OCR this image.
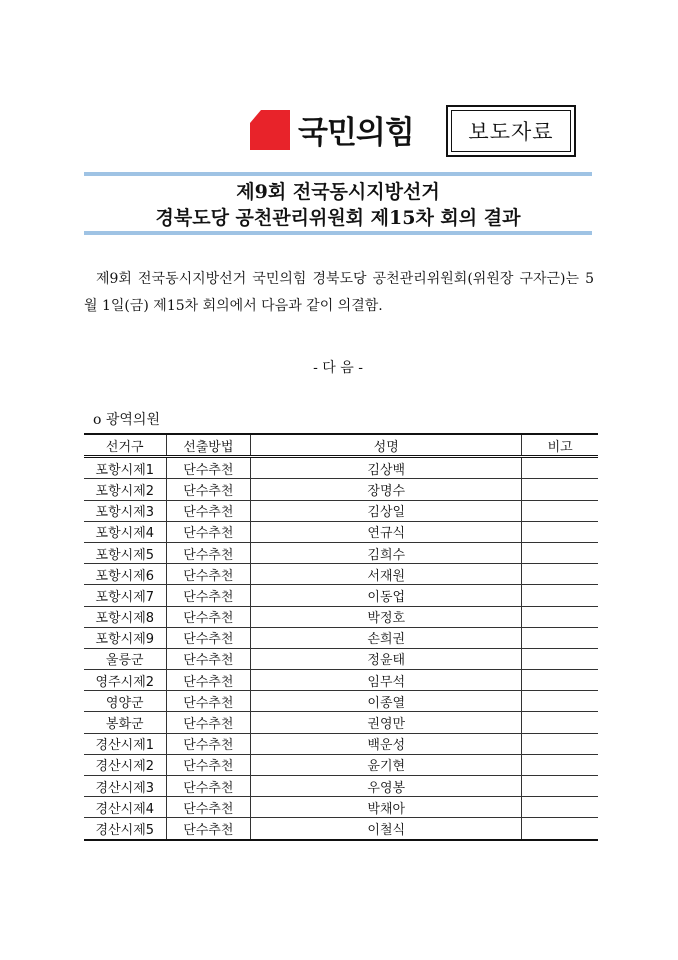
국민의힘	보도자료
제9회 전국동시지방선거
경북도당 공천관리위원회 제15차 회의 결과
제9회 전국동시지방선거 국민의힘 경북도당 공천관리위원회(위원장 구자근)는 5월 1일(금) 제15차 회의에서 다음과 같이 의결함.
- 다 음 -
o 광역의원
선거구	선출방법	성명	비고
포항시제1	단수추천	김상백	
포항시제2	단수추천	장명수	
포항시제3	단수추천	김상일	
포항시제4	단수추천	연규식	
포항시제5	단수추천	김희수	
포항시제6	단수추천	서재원	
포항시제7	단수추천	이동업	
포항시제8	단수추천	박정호	
포항시제9	단수추천	손희권	
울릉군	단수추천	정윤태	
영주시제2	단수추천	임무석	
영양군	단수추천	이종열	
봉화군	단수추천	권영만	
경산시제1	단수추천	백운성	
경산시제2	단수추천	윤기현	
경산시제3	단수추천	우영봉	
경산시제4	단수추천	박채아	
경산시제5	단수추천	이철식	
